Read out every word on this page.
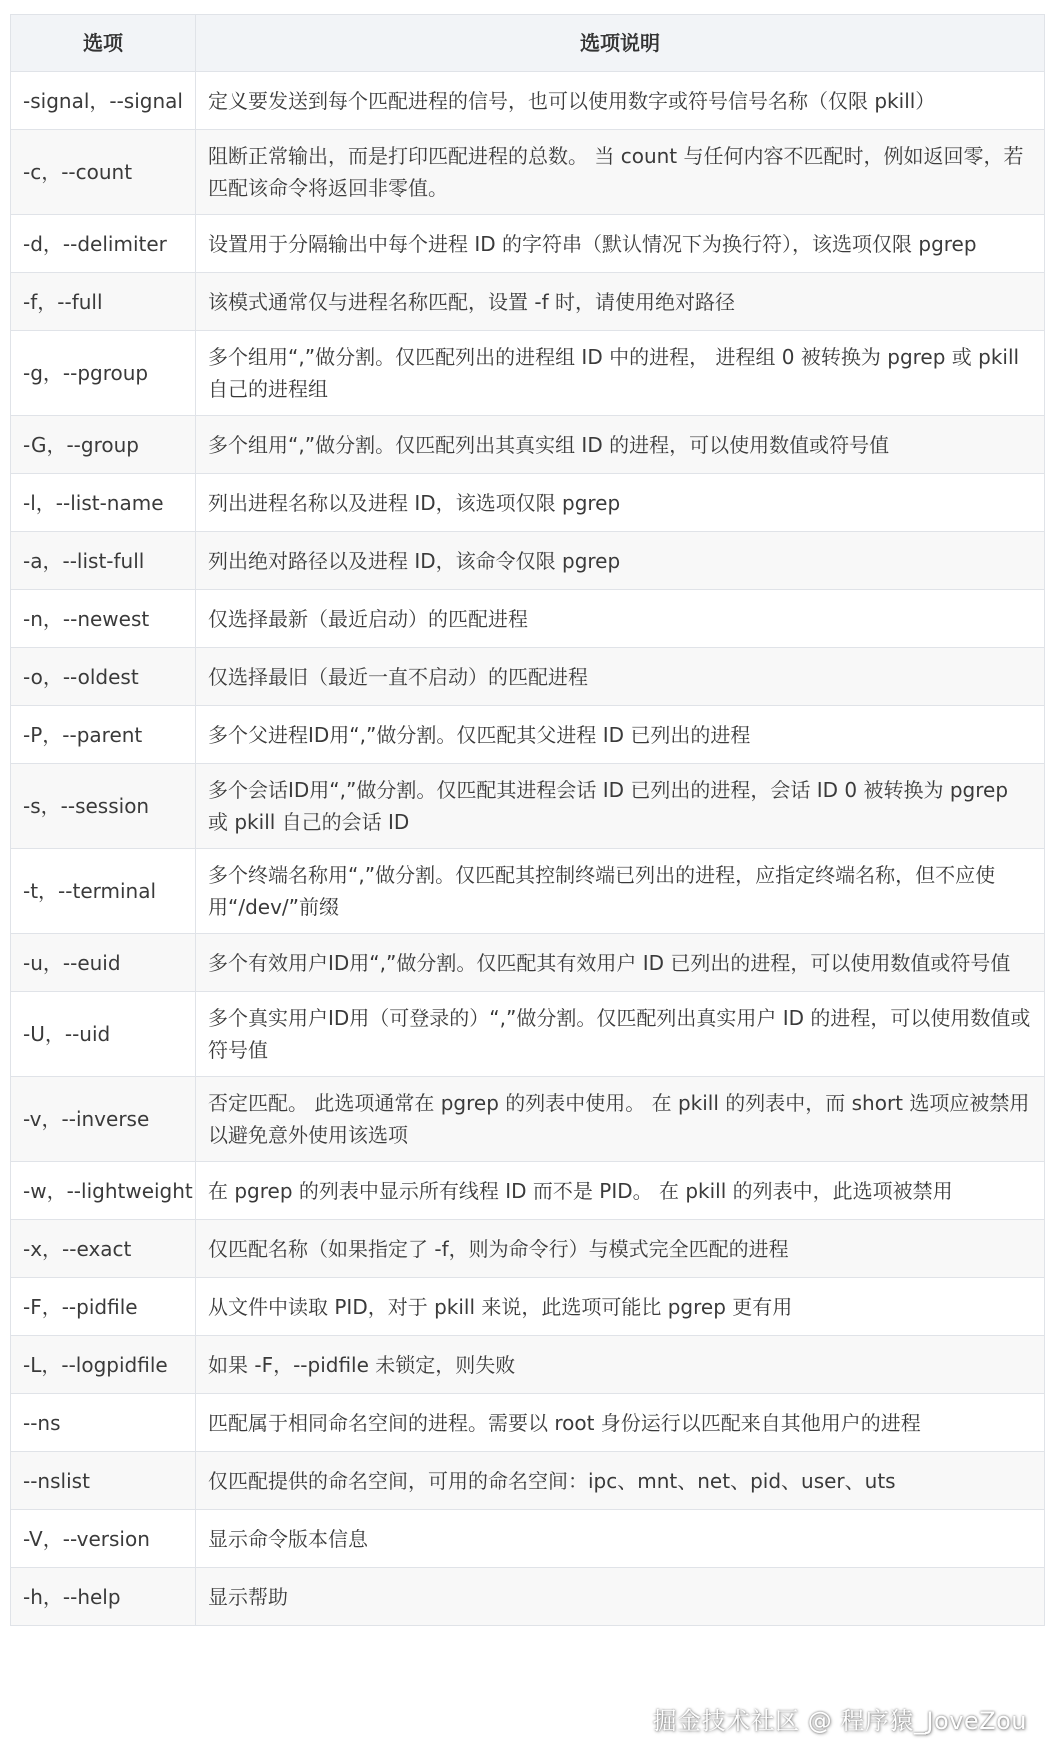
选项	选项说明
-signal，--signal	定义要发送到每个匹配进程的信号，也可以使用数字或符号信号名称（仅限 pkill）
-c，--count	阻断正常输出，而是打印匹配进程的总数。 当 count 与任何内容不匹配时，例如返回零，若匹配该命令将返回非零值。
-d，--delimiter	设置用于分隔输出中每个进程 ID 的字符串（默认情况下为换行符），该选项仅限 pgrep
-f，--full	该模式通常仅与进程名称匹配，设置 -f 时，请使用绝对路径
-g，--pgroup	多个组用“,”做分割。仅匹配列出的进程组 ID 中的进程， 进程组 0 被转换为 pgrep 或 pkill 自己的进程组
-G，--group	多个组用“,”做分割。仅匹配列出其真实组 ID 的进程，可以使用数值或符号值
-l，--list-name	列出进程名称以及进程 ID，该选项仅限 pgrep
-a，--list-full	列出绝对路径以及进程 ID，该命令仅限 pgrep
-n，--newest	仅选择最新（最近启动）的匹配进程
-o，--oldest	仅选择最旧（最近一直不启动）的匹配进程
-P，--parent	多个父进程ID用“,”做分割。仅匹配其父进程 ID 已列出的进程
-s，--session	多个会话ID用“,”做分割。仅匹配其进程会话 ID 已列出的进程，会话 ID 0 被转换为 pgrep 或 pkill 自己的会话 ID
-t，--terminal	多个终端名称用“,”做分割。仅匹配其控制终端已列出的进程，应指定终端名称，但不应使用“/dev/”前缀
-u，--euid	多个有效用户ID用“,”做分割。仅匹配其有效用户 ID 已列出的进程，可以使用数值或符号值
-U，--uid	多个真实用户ID用（可登录的）“,”做分割。仅匹配列出真实用户 ID 的进程，可以使用数值或符号值
-v，--inverse	否定匹配。 此选项通常在 pgrep 的列表中使用。 在 pkill 的列表中，而 short 选项应被禁用以避免意外使用该选项
-w，--lightweight	在 pgrep 的列表中显示所有线程 ID 而不是 PID。 在 pkill 的列表中，此选项被禁用
-x，--exact	仅匹配名称（如果指定了 -f，则为命令行）与模式完全匹配的进程
-F，--pidfile	从文件中读取 PID，对于 pkill 来说，此选项可能比 pgrep 更有用
-L，--logpidfile	如果 -F，--pidfile 未锁定，则失败
--ns	匹配属于相同命名空间的进程。需要以 root 身份运行以匹配来自其他用户的进程
--nslist	仅匹配提供的命名空间，可用的命名空间：ipc、mnt、net、pid、user、uts
-V，--version	显示命令版本信息
-h，--help	显示帮助
掘金技术社区 @ 程序猿_JoveZou
